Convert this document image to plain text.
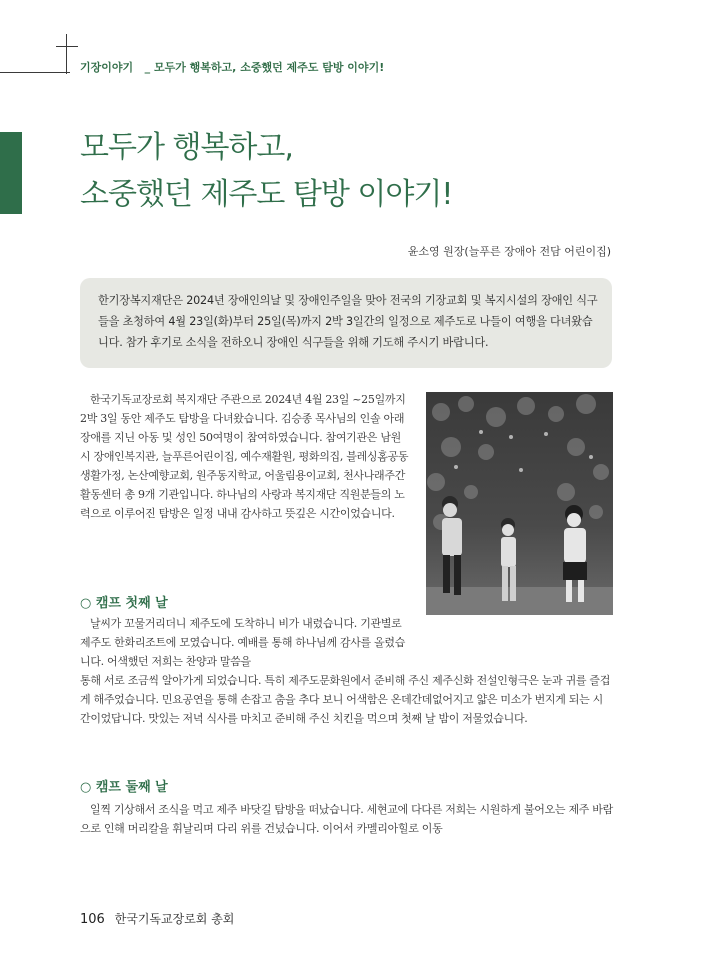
기장이야기 _ 모두가 행복하고, 소중했던 제주도 탐방 이야기!
모두가 행복하고,
소중했던 제주도 탐방 이야기!
윤소영 원장(늘푸른 장애아 전담 어린이집)
한기장복지재단은 2024년 장애인의날 및 장애인주일을 맞아 전국의 기장교회 및 복지시설의 장애인 식구들을 초청하여 4월 23일(화)부터 25일(목)까지 2박 3일간의 일정으로 제주도로 나들이 여행을 다녀왔습니다. 참가 후기로 소식을 전하오니 장애인 식구들을 위해 기도해 주시기 바랍니다.

한국기독교장로회 복지재단 주관으로 2024년 4월 23일 ~25일까지 2박 3일 동안 제주도 탐방을 다녀왔습니다. 김승종 목사님의 인솔 아래 장애를 지닌 아동 및 성인 50여명이 참여하였습니다. 참여기관은 남원시 장애인복지관, 늘푸른어린이집, 예수재활원, 평화의집, 블레싱홈공동생활가정, 논산예향교회, 원주동지학교, 어울림용이교회, 천사나래주간활동센터 총 9개 기관입니다. 하나님의 사랑과 복지재단 직원분들의 노력으로 이루어진 탐방은 일정 내내 감사하고 뜻깊은 시간이었습니다.

○ 캠프 첫째 날

날씨가 꼬물거리더니 제주도에 도착하니 비가 내렸습니다. 기관별로 제주도 한화리조트에 모였습니다. 예배를 통해 하나님께 감사를 올렸습니다. 어색했던 저희는 찬양과 말씀을

통해 서로 조금씩 알아가게 되었습니다. 특히 제주도문화원에서 준비해 주신 제주신화 전설인형극은 눈과 귀를 즐겁게 해주었습니다. 민요공연을 통해 손잡고 춤을 추다 보니 어색함은 온데간데없어지고 얇은 미소가 번지게 되는 시간이었답니다. 맛있는 저녁 식사를 마치고 준비해 주신 치킨을 먹으며 첫째 날 밤이 저물었습니다.

○ 캠프 둘째 날

일찍 기상해서 조식을 먹고 제주 바닷길 탐방을 떠났습니다. 세현교에 다다른 저희는 시원하게 불어오는 제주 바람으로 인해 머리칼을 휘날리며 다리 위를 건넜습니다. 이어서 카멜리아힐로 이동

106 한국기독교장로회 총회
